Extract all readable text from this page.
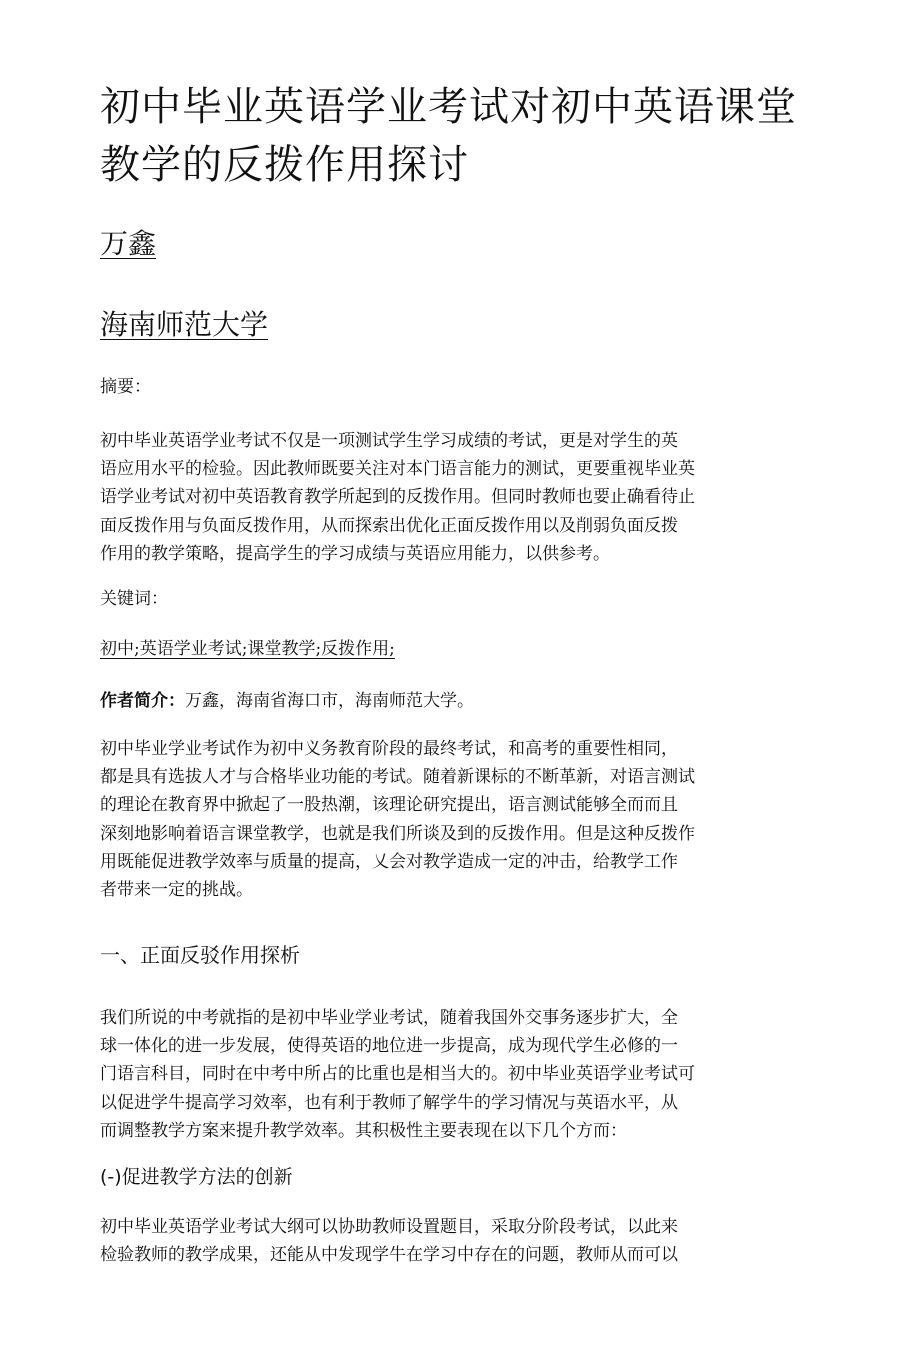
初中毕业英语学业考试对初中英语课堂教学的反拨作用探讨
万鑫
海南师范大学
摘要：
初中毕业英语学业考试不仅是一项测试学生学习成绩的考试，更是对学生的英
语应用水平的检验。因此教师既要关注对本门语言能力的测试，更要重视毕业英
语学业考试对初中英语教育教学所起到的反拨作用。但同时教师也要止确看待止
面反拨作用与负面反拨作用，从而探索出优化正面反拨作用以及削弱负面反拨
作用的教学策略，提高学生的学习成绩与英语应用能力，以供参考。
关键词：
初中;英语学业考试;课堂教学;反拨作用;
作者简介：万鑫，海南省海口市，海南师范大学。
初中毕业学业考试作为初中义务教育阶段的最终考试，和高考的重要性相同，
都是具有选拔人才与合格毕业功能的考试。随着新课标的不断革新，对语言测试
的理论在教育界中掀起了一股热潮，该理论研究提出，语言测试能够全而而且
深刻地影响着语言课堂教学，也就是我们所谈及到的反拨作用。但是这种反拨作
用既能促进教学效率与质量的提高，乂会对教学造成一定的冲击，给教学工作
者带来一定的挑战。
一、正面反驳作用探析
我们所说的中考就指的是初中毕业学业考试，随着我国外交事务逐步扩大，全
球一体化的进一步发展，使得英语的地位进一步提高，成为现代学生必修的一
门语言科目，同时在中考中所占的比重也是相当大的。初中毕业英语学业考试可
以促进学牛提高学习效率，也有利于教师了解学牛的学习情况与英语水平，从
而调整教学方案来提升教学效率。其积极性主要表现在以下几个方而：
(-)促进教学方法的创新
初中毕业英语学业考试大纲可以协助教师设置题目，采取分阶段考试，以此来
检验教师的教学成果，还能从中发现学牛在学习中存在的问题，教师从而可以
